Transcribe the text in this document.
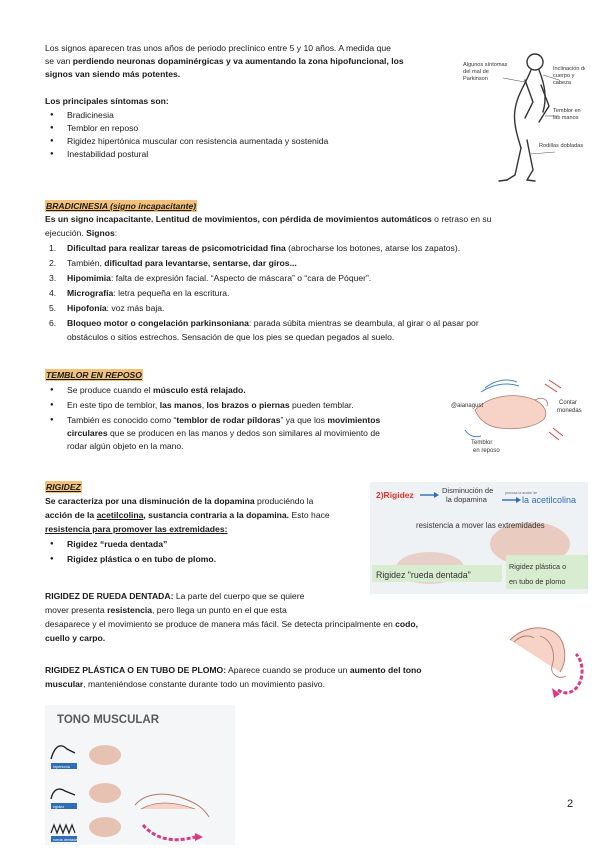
Los signos aparecen tras unos años de periodo preclínico entre 5 y 10 años. A medida que

se van perdiendo neuronas dopaminérgicas y va aumentando la zona hipofuncional, los

signos van siendo más potentes.

Los principales síntomas son:

● Bradicinesia
● Temblor en reposo
● Rigidez hipertónica muscular con resistencia aumentada y sostenida
● Inestabilidad postural
Algunos síntomas
del mal de
Parkinson
Inclinación de
cuerpo y
cabeza
Temblor en
las manos
Rodillas dobladas
BRADICINESIA (signo incapacitante)

Es un signo incapacitante. Lentitud de movimientos, con pérdida de movimientos automáticos o retraso en su

ejecución. Signos:

1. Dificultad para realizar tareas de psicomotricidad fina (abrocharse los botones, atarse los zapatos).
2. También, dificultad para levantarse, sentarse, dar giros...
3. Hipomimia: falta de expresión facial. “Aspecto de máscara” o “cara de Póquer”.
4. Micrografía: letra pequeña en la escritura.
5. Hipofonía: voz más baja.
6. Bloqueo motor o congelación parkinsoniana: parada súbita mientras se deambula, al girar o al pasar por
obstáculos o sitios estrechos. Sensación de que los pies se quedan pegados al suelo.
TEMBLOR EN REPOSO
● Se produce cuando el músculo está relajado.
● En este tipo de temblor, las manos, los brazos o piernas pueden temblar.
● También es conocido como “temblor de rodar píldoras” ya que los movimientos
circulares que se producen en las manos y dedos son similares al movimiento de
rodar algún objeto en la mano.
@aianagust
Temblor
en reposo
Contar
monedas
RIGIDEZ

Se caracteriza por una disminución de la dopamina produciéndo la

acción de la acetilcolina, sustancia contraria a la dopamina. Esto hace

resistencia para promover las extremidades:

● Rigidez “rueda dentada”
● Rigidez plástica o en tubo de plomo.
2)Rigidez	Disminución de
la dopamina
provoca la acción de
la acetilcolina
resistencia a mover las extremidades
Rigidez "rueda dentada"
Rigidez plástica o
en tubo de plomo

RIGIDEZ DE RUEDA DENTADA: La parte del cuerpo que se quiere

mover presenta resistencia, pero llega un punto en el que esta

desaparece y el movimiento se produce de manera más fácil. Se detecta principalmente en codo,

cuello y carpo.

RIGIDEZ PLÁSTICA O EN TUBO DE PLOMO: Aparece cuando se produce un aumento del tono

muscular, manteniéndose constante durante todo un movimiento pasivo.

TONO MUSCULAR
hipertonía
rigidez
rueda dentada
2
